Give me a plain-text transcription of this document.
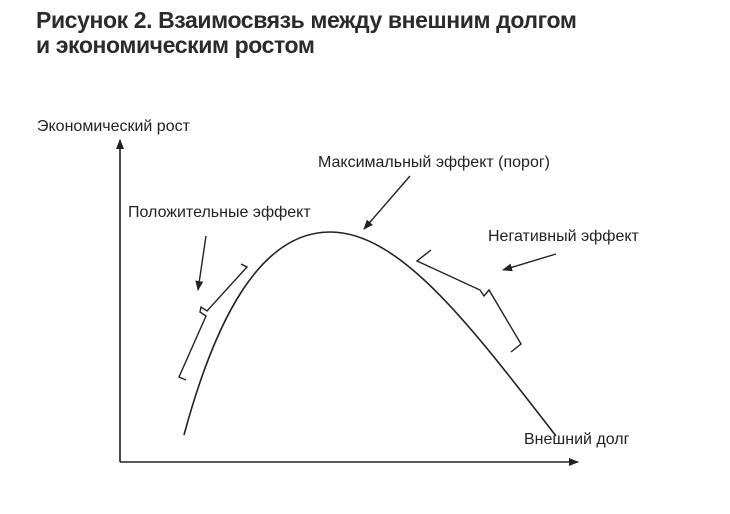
Рисунок 2. Взаимосвязь между внешним долгом
и экономическим ростом
Экономический рост
Внешний долг
Положительные эффект
Максимальный эффект (порог)
Негативный эффект
